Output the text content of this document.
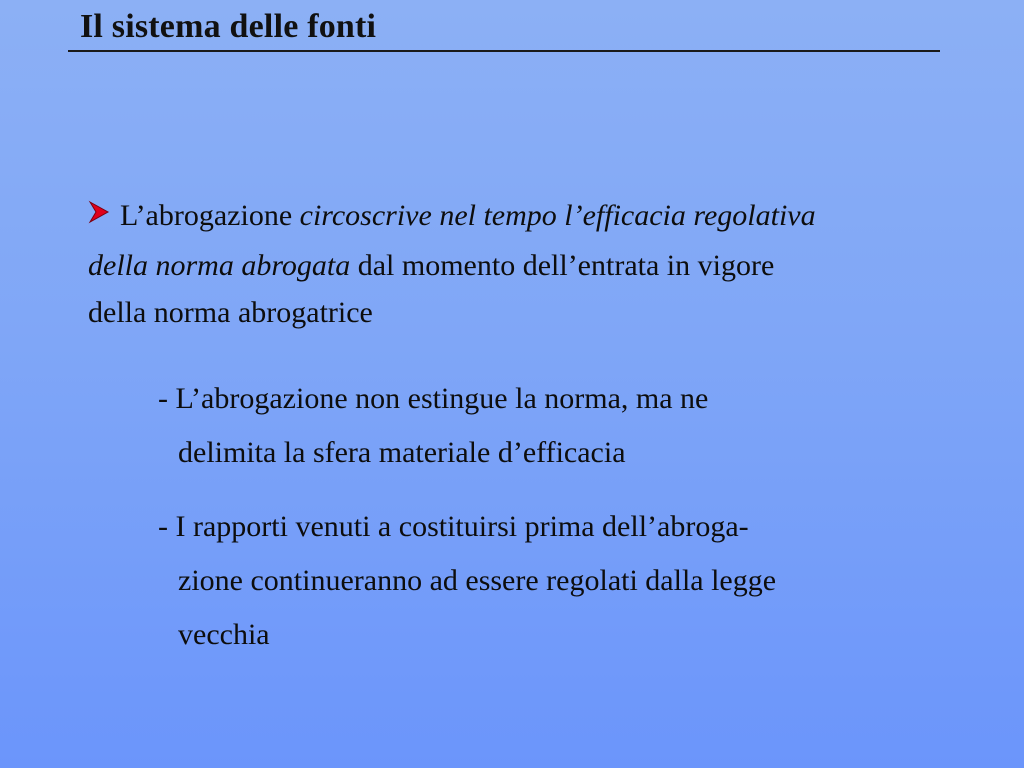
Il sistema delle fonti
L’abrogazione circoscrive nel tempo l’efficacia regolativa
della norma abrogata dal momento dell’entrata in vigore
della norma abrogatrice
- L’abrogazione non estingue la norma, ma ne
delimita la sfera materiale d’efficacia
- I rapporti venuti a costituirsi prima dell’abroga-
zione continueranno ad essere regolati dalla legge
vecchia
